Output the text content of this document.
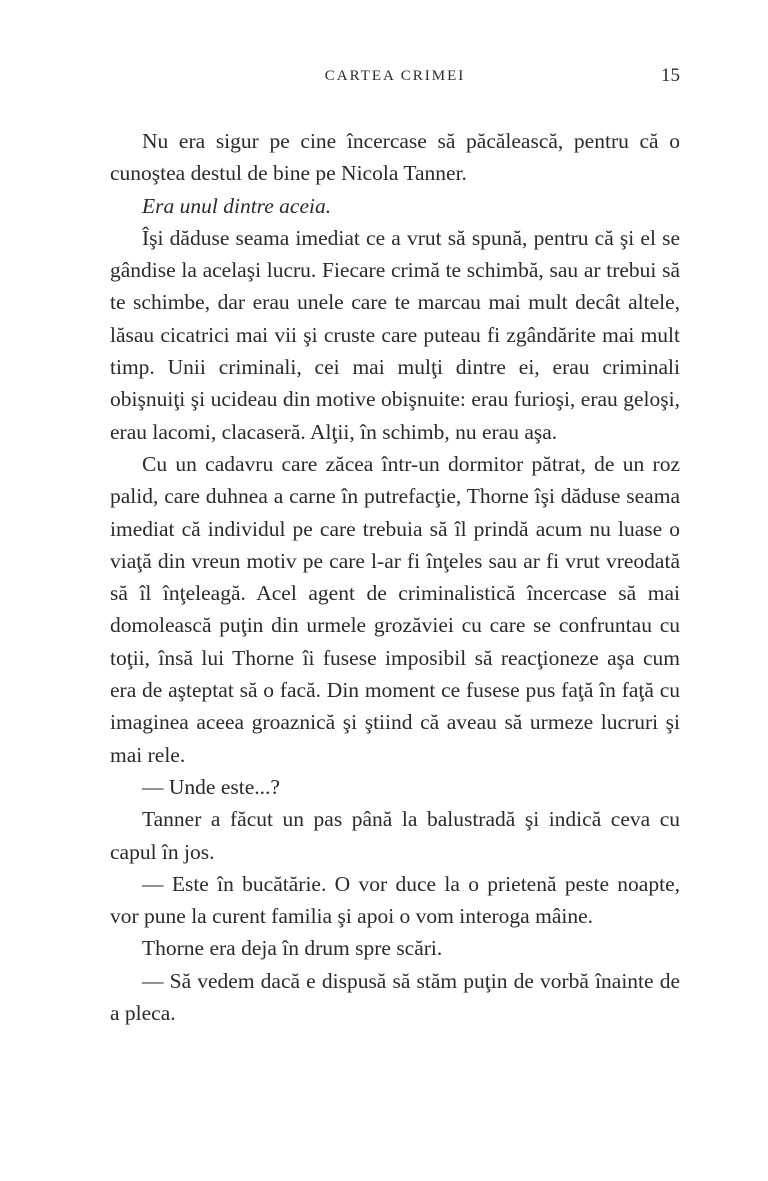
CARTEA CRIMEI	15

Nu era sigur pe cine încercase să păcălească, pentru că o cunoştea destul de bine pe Nicola Tanner.

Era unul dintre aceia.

Îşi dăduse seama imediat ce a vrut să spună, pentru că şi el se gândise la acelaşi lucru. Fiecare crimă te schimbă, sau ar trebui să te schimbe, dar erau unele care te marcau mai mult decât altele, lăsau cicatrici mai vii şi cruste care puteau fi zgândărite mai mult timp. Unii criminali, cei mai mulţi dintre ei, erau criminali obişnuiţi şi ucideau din motive obişnuite: erau furioşi, erau geloşi, erau lacomi, clacaseră. Alţii, în schimb, nu erau aşa.

Cu un cadavru care zăcea într-un dormitor pătrat, de un roz palid, care duhnea a carne în putrefacţie, Thorne îşi dăduse seama imediat că individul pe care trebuia să îl prindă acum nu luase o viaţă din vreun motiv pe care l-ar fi înţeles sau ar fi vrut vreodată să îl înţeleagă. Acel agent de criminalistică încercase să mai domolească puţin din urmele grozăviei cu care se confruntau cu toţii, însă lui Thorne îi fusese imposibil să reacţioneze aşa cum era de aşteptat să o facă. Din moment ce fusese pus faţă în faţă cu imaginea aceea groaznică şi ştiind că aveau să urmeze lucruri şi mai rele.

— Unde este...?

Tanner a făcut un pas până la balustradă şi indică ceva cu capul în jos.

— Este în bucătărie. O vor duce la o prietenă peste noapte, vor pune la curent familia şi apoi o vom interoga mâine.

Thorne era deja în drum spre scări.

— Să vedem dacă e dispusă să stăm puţin de vorbă înainte de a pleca.
